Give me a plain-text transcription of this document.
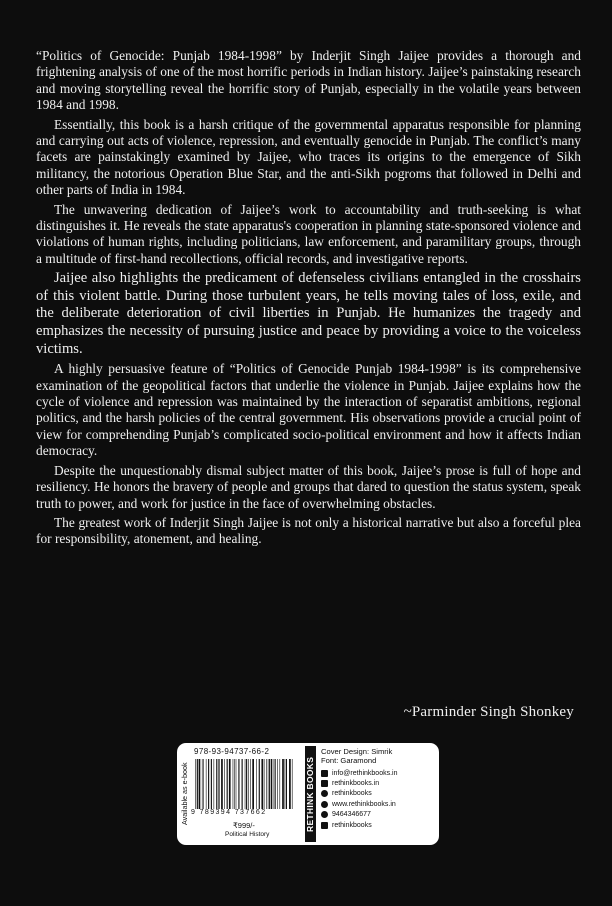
“Politics of Genocide: Punjab 1984-1998” by Inderjit Singh Jaijee provides a thorough and frightening analysis of one of the most horrific periods in Indian history. Jaijee’s painstaking research and moving storytelling reveal the horrific story of Punjab, especially in the volatile years between 1984 and 1998.

Essentially, this book is a harsh critique of the governmental apparatus responsible for planning and carrying out acts of violence, repression, and eventually genocide in Punjab. The conflict’s many facets are painstakingly examined by Jaijee, who traces its origins to the emergence of Sikh militancy, the notorious Operation Blue Star, and the anti-Sikh pogroms that followed in Delhi and other parts of India in 1984.

The unwavering dedication of Jaijee’s work to accountability and truth-seeking is what distinguishes it. He reveals the state apparatus's cooperation in planning state-sponsored violence and violations of human rights, including politicians, law enforcement, and paramilitary groups, through a multitude of first-hand recollections, official records, and investigative reports.

Jaijee also highlights the predicament of defenseless civilians entangled in the crosshairs of this violent battle. During those turbulent years, he tells moving tales of loss, exile, and the deliberate deterioration of civil liberties in Punjab. He humanizes the tragedy and emphasizes the necessity of pursuing justice and peace by providing a voice to the voiceless victims.

A highly persuasive feature of “Politics of Genocide Punjab 1984-1998” is its comprehensive examination of the geopolitical factors that underlie the violence in Punjab. Jaijee explains how the cycle of violence and repression was maintained by the interaction of separatist ambitions, regional politics, and the harsh policies of the central government. His observations provide a crucial point of view for comprehending Punjab’s complicated socio-political environment and how it affects Indian democracy.

Despite the unquestionably dismal subject matter of this book, Jaijee’s prose is full of hope and resiliency. He honors the bravery of people and groups that dared to question the status system, speak truth to power, and work for justice in the face of overwhelming obstacles.

The greatest work of Inderjit Singh Jaijee is not only a historical narrative but also a forceful plea for responsibility, atonement, and healing.

~Parminder Singh Shonkey
Available as e-book
978-93-94737-66-2
9 789394 737662
₹999/-
Political History
RETHINK BOOKS
Cover Design: Simrik
Font: Garamond
info@rethinkbooks.in
rethinkbooks.in
rethinkbooks
www.rethinkbooks.in
9464346677
rethinkbooks
